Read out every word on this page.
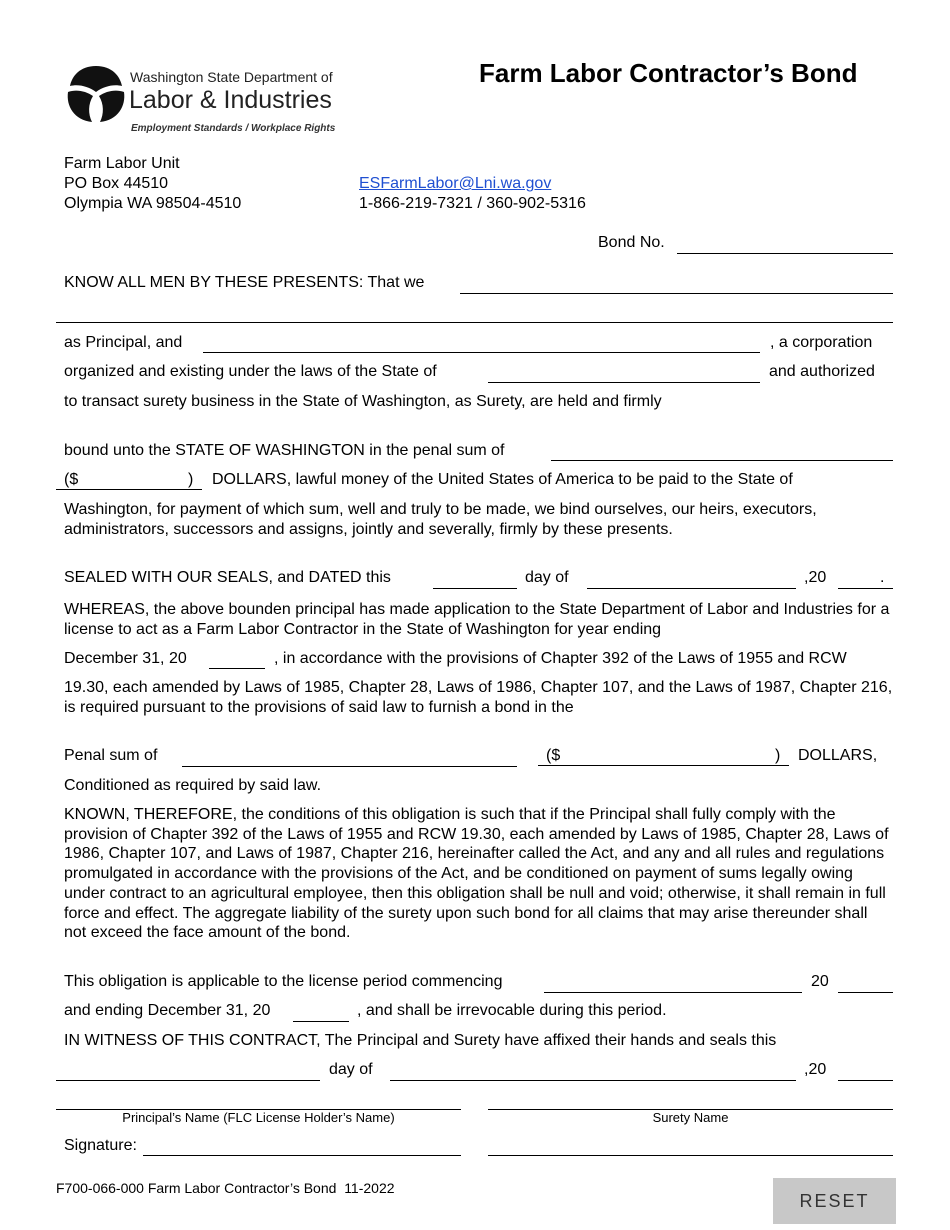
Washington State Department of
Labor & Industries
Employment Standards / Workplace Rights
Farm Labor Contractor’s Bond
Farm Labor Unit
PO Box 44510
Olympia WA 98504-4510
ESFarmLabor@Lni.wa.gov
1-866-219-7321 / 360-902-5316
Bond No.
KNOW ALL MEN BY THESE PRESENTS: That we
as Principal, and	, a corporation
organized and existing under the laws of the State of	and authorized
to transact surety business in the State of Washington, as Surety, are held and firmly
bound unto the STATE OF WASHINGTON in the penal sum of
($	) DOLLARS, lawful money of the United States of America to be paid to the State of
Washington, for payment of which sum, well and truly to be made, we bind ourselves, our heirs, executors, administrators, successors and assigns, jointly and severally, firmly by these presents.
SEALED WITH OUR SEALS, and DATED this	day of	,20	.
WHEREAS, the above bounden principal has made application to the State Department of Labor and Industries for a license to act as a Farm Labor Contractor in the State of Washington for year ending
December 31, 20	, in accordance with the provisions of Chapter 392 of the Laws of 1955 and RCW
19.30, each amended by Laws of 1985, Chapter 28, Laws of 1986, Chapter 107, and the Laws of 1987, Chapter 216, is required pursuant to the provisions of said law to furnish a bond in the
Penal sum of	($	) DOLLARS,
Conditioned as required by said law.
KNOWN, THEREFORE, the conditions of this obligation is such that if the Principal shall fully comply with the provision of Chapter 392 of the Laws of 1955 and RCW 19.30, each amended by Laws of 1985, Chapter 28, Laws of 1986, Chapter 107, and Laws of 1987, Chapter 216, hereinafter called the Act, and any and all rules and regulations promulgated in accordance with the provisions of the Act, and be conditioned on payment of sums legally owing under contract to an agricultural employee, then this obligation shall be null and void; otherwise, it shall remain in full force and effect. The aggregate liability of the surety upon such bond for all claims that may arise thereunder shall not exceed the face amount of the bond.
This obligation is applicable to the license period commencing	20
and ending December 31, 20	, and shall be irrevocable during this period.
IN WITNESS OF THIS CONTRACT, The Principal and Surety have affixed their hands and seals this
day of	,20
Principal’s Name (FLC License Holder’s Name)	Surety Name
Signature:
F700-066-000 Farm Labor Contractor’s Bond  11-2022
RESET
